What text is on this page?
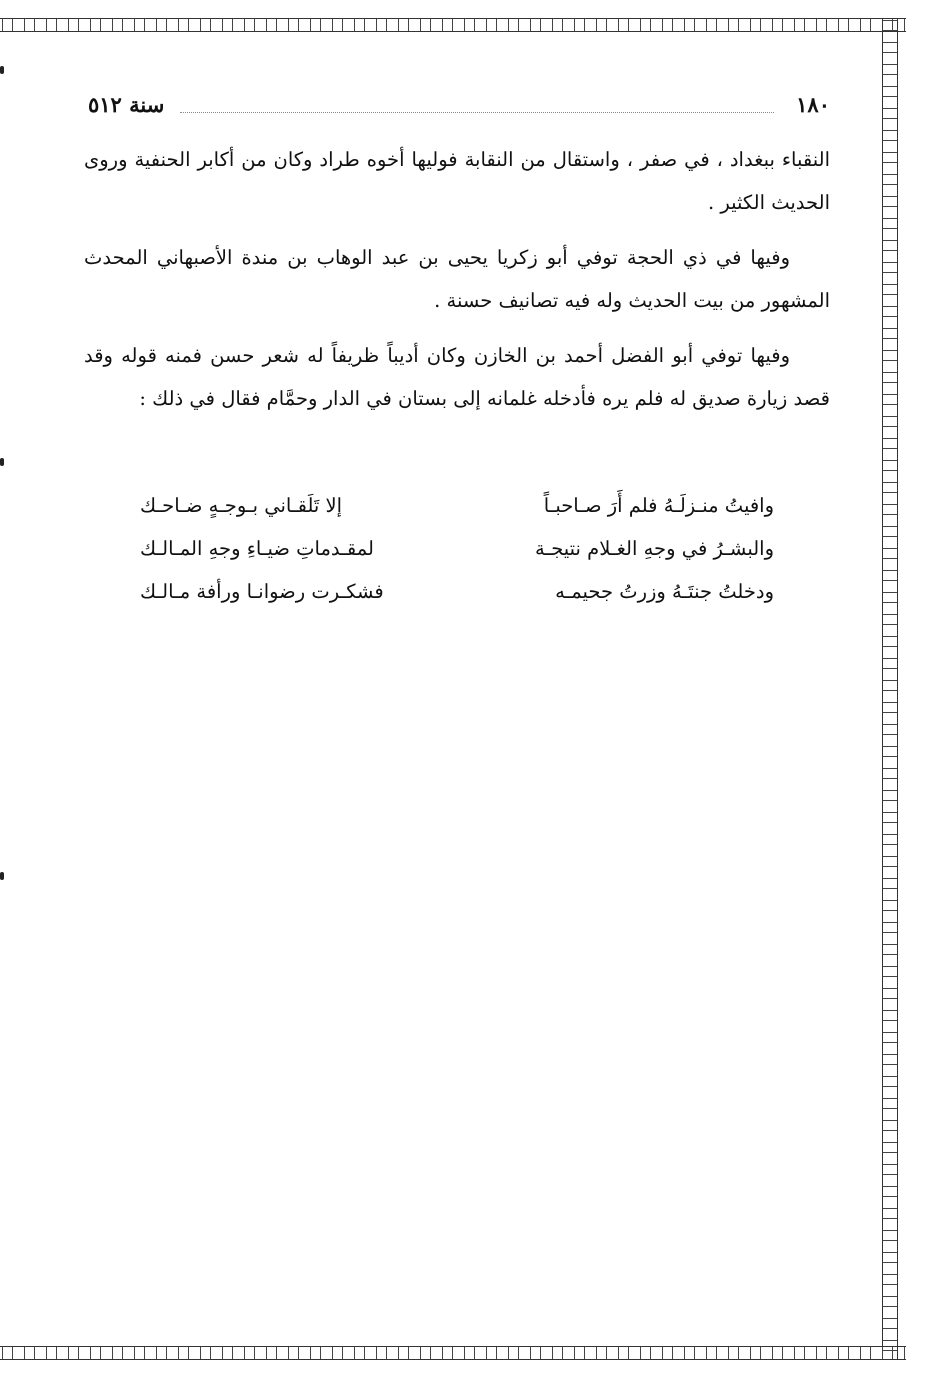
١٨٠
سنة ٥١٢

النقباء ببغداد ، في صفر ، واستقال من النقابة فوليها أخوه طراد وكان من أكابر الحنفية وروى الحديث الكثير .

وفيها في ذي الحجة توفي أبو زكريا يحيى بن عبد الوهاب بن مندة الأصبهاني المحدث المشهور من بيت الحديث وله فيه تصانيف حسنة .

وفيها توفي أبو الفضل أحمد بن الخازن وكان أديباً ظريفاً له شعر حسن فمنه قوله وقد قصد زيارة صديق له فلم يره فأدخله غلمانه إلى بستان في الدار وحمَّام فقال في ذلك :

وافيتُ منـزلَـهُ فلم أَرَ صـاحبـاً
إلا تَلَقـاني بـوجـهٍ ضـاحـك
والبشـرُ في وجهِ الغـلام نتيجـة
لمقـدماتِ ضيـاءِ وجهِ المـالـك
ودخلتُ جنتَـهُ وزرتُ جحيمـه
فشكـرت رضوانـا ورأفة مـالـك
